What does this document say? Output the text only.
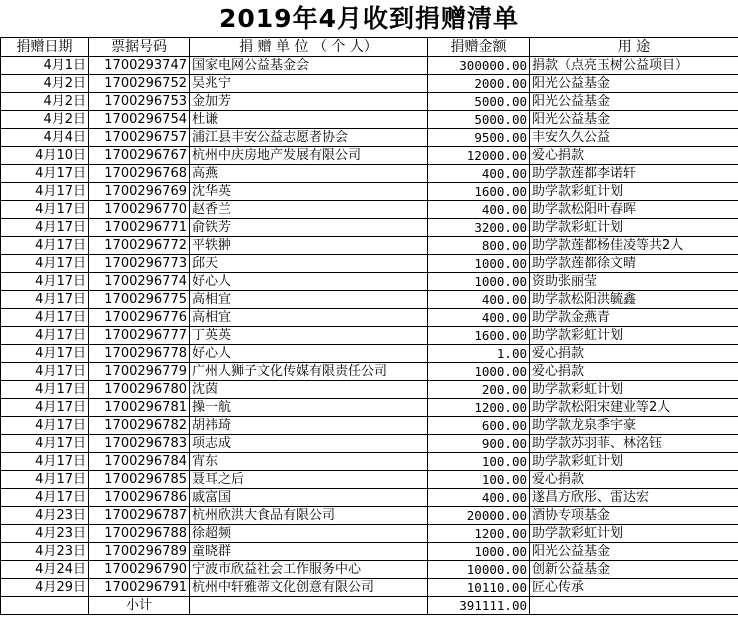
2019年4月收到捐赠清单
捐赠日期	票据号码	捐 赠 单 位 （ 个 人）	捐赠金额	用 途
4月1日	1700293747	国家电网公益基金会	300000.00	捐款（点亮玉树公益项目）
4月2日	1700296752	吴兆宁	2000.00	阳光公益基金
4月2日	1700296753	金加芳	5000.00	阳光公益基金
4月2日	1700296754	杜谦	5000.00	阳光公益基金
4月4日	1700296757	浦江县丰安公益志愿者协会	9500.00	丰安久久公益
4月10日	1700296767	杭州中庆房地产发展有限公司	12000.00	爱心捐款
4月17日	1700296768	高燕	400.00	助学款莲都李诺轩
4月17日	1700296769	沈华英	1600.00	助学款彩虹计划
4月17日	1700296770	赵香兰	400.00	助学款松阳叶春晖
4月17日	1700296771	俞铁芳	3200.00	助学款彩虹计划
4月17日	1700296772	平轶翀	800.00	助学款莲都杨佳凌等共2人
4月17日	1700296773	邱天	1000.00	助学款莲都徐文晴
4月17日	1700296774	好心人	1000.00	资助张丽莹
4月17日	1700296775	高相宜	400.00	助学款松阳洪毓鑫
4月17日	1700296776	高相宜	400.00	助学款金燕青
4月17日	1700296777	丁英英	1600.00	助学款彩虹计划
4月17日	1700296778	好心人	1.00	爱心捐款
4月17日	1700296779	广州人狮子文化传媒有限责任公司	1000.00	爱心捐款
4月17日	1700296780	沈茵	200.00	助学款彩虹计划
4月17日	1700296781	操一航	1200.00	助学款松阳宋建业等2人
4月17日	1700296782	胡祎琦	600.00	助学款龙泉季宇豪
4月17日	1700296783	项志成	900.00	助学款苏羽菲、林洺钰
4月17日	1700296784	宵东	100.00	助学款彩虹计划
4月17日	1700296785	聂耳之后	100.00	爱心捐款
4月17日	1700296786	戚富国	400.00	遂昌方欣彤、雷达宏
4月23日	1700296787	杭州欣洪大食品有限公司	20000.00	酒协专项基金
4月23日	1700296788	徐超频	1200.00	助学款彩虹计划
4月23日	1700296789	童晓群	1000.00	阳光公益基金
4月24日	1700296790	宁波市欣益社会工作服务中心	10000.00	创新公益基金
4月29日	1700296791	杭州中轩雅蒂文化创意有限公司	10110.00	匠心传承
	小计		391111.00	
